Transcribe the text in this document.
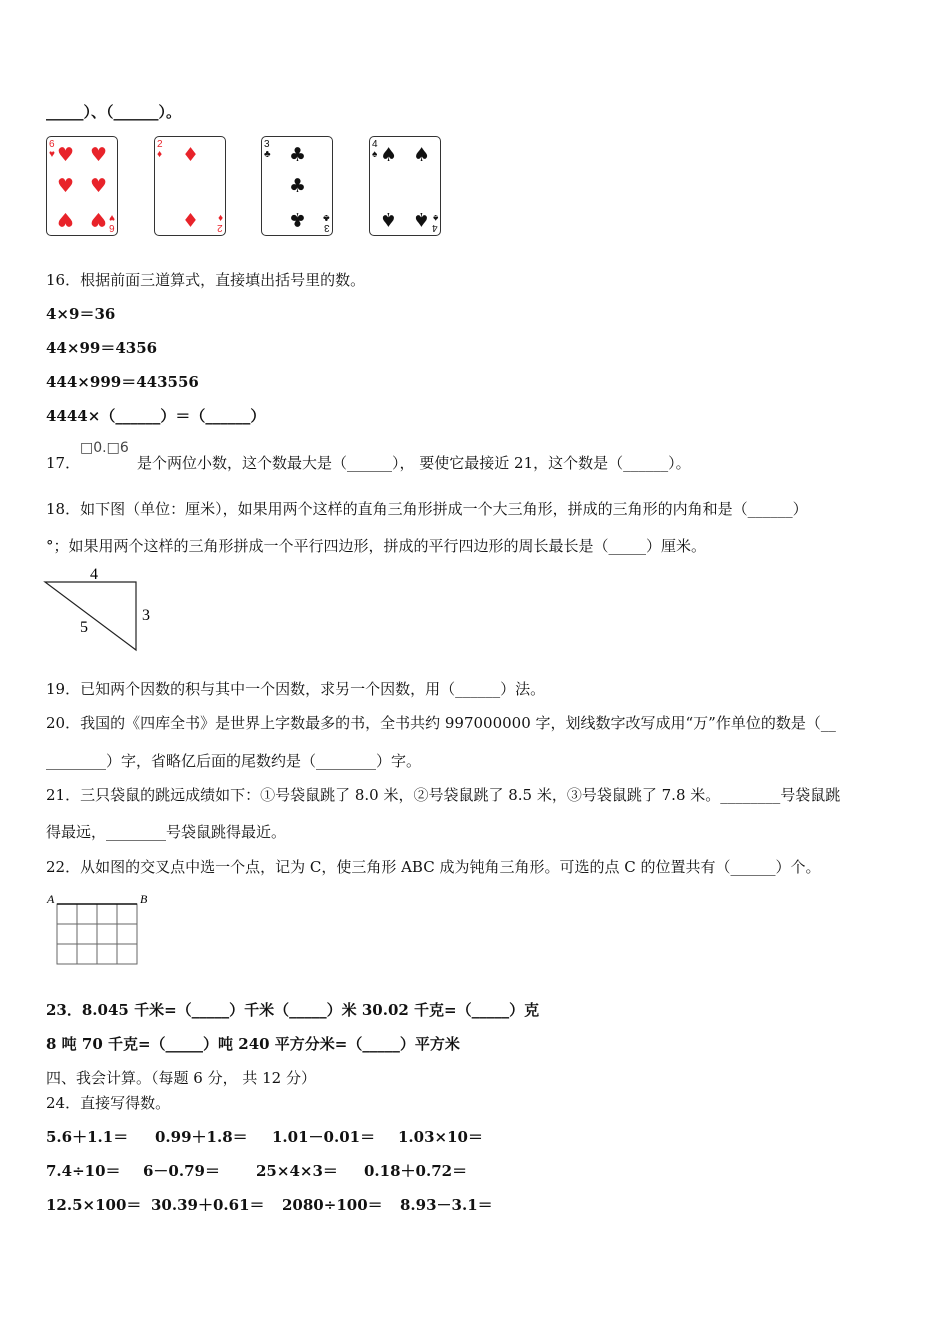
_____）、（______）。
6
♥ ♥ ♥
♥ ♥
♥ ♥ ♥
6
2
♦ ♦
♦ ♦
2
3
♣ ♣
♣
♣ ♣
3
4
♠ ♠ ♠
♠ ♠ ♠
4
16．根据前面三道算式，直接填出括号里的数。
4×9＝36
44×99＝4356
444×999＝443556
4444×（______）＝（______）
17．
□0.□6
是个两位小数，这个数最大是（______）， 要使它最接近 21，这个数是（______）。
18．如下图（单位：厘米），如果用两个这样的直角三角形拼成一个大三角形，拼成的三角形的内角和是（______）
°；如果用两个这样的三角形拼成一个平行四边形，拼成的平行四边形的周长最长是（_____）厘米。
4
3
5
19．已知两个因数的积与其中一个因数，求另一个因数，用（______）法。
20．我国的《四库全书》是世界上字数最多的书，全书共约 997000000 字，划线数字改写成用“万”作单位的数是（__
________）字，省略亿后面的尾数约是（________）字。
21．三只袋鼠的跳远成绩如下：①号袋鼠跳了 8.0 米，②号袋鼠跳了 8.5 米，③号袋鼠跳了 7.8 米。________号袋鼠跳
得最远，________号袋鼠跳得最近。
22．从如图的交叉点中选一个点，记为 C，使三角形 ABC 成为钝角三角形。可选的点 C 的位置共有（______）个。
A	B
23．8.045 千米=（_____）千米（_____）米 30.02 千克=（_____）克
8 吨 70 千克=（_____）吨 240 平方分米=（_____）平方米
四、我会计算。（每题 6 分， 共 12 分）
24．直接写得数。
5.6＋1.1＝ 0.99＋1.8＝ 1.01－0.01＝ 1.03×10＝
7.4÷10＝ 6－0.79＝ 25×4×3＝ 0.18＋0.72＝
12.5×100＝ 30.39＋0.61＝ 2080÷100＝ 8.93－3.1＝
